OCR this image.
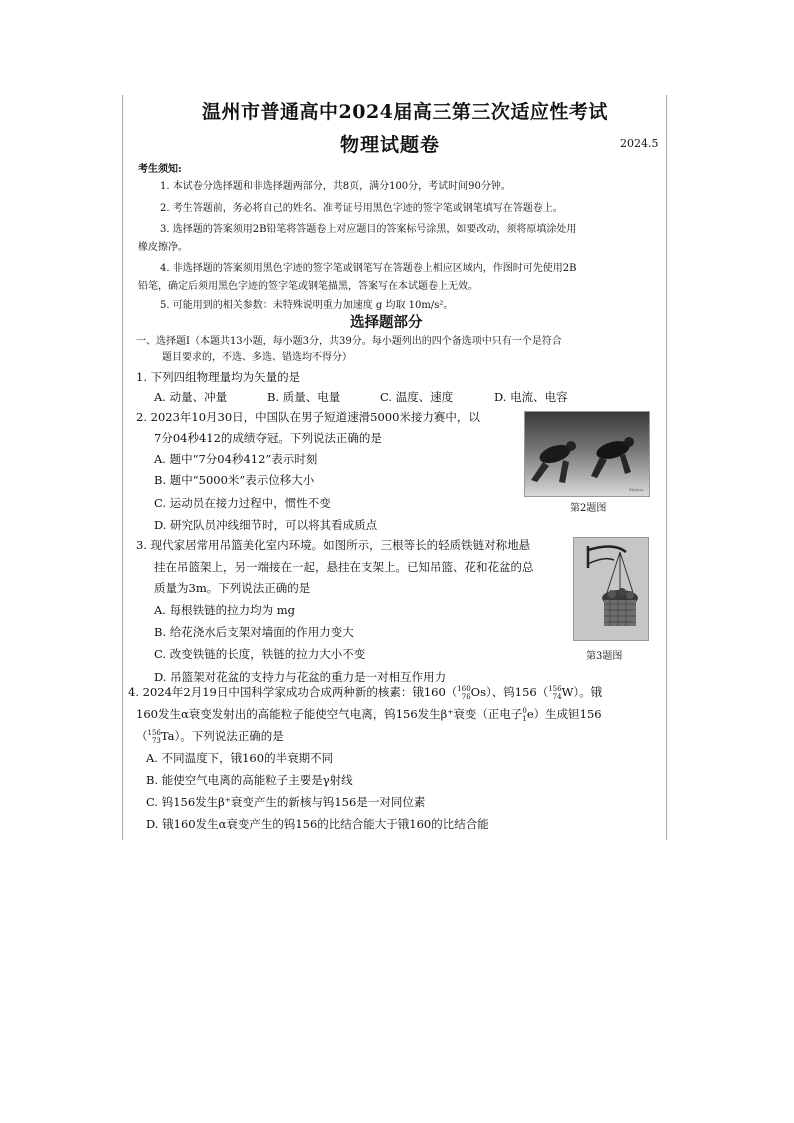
温州市普通高中2024届高三第三次适应性考试
物理试题卷	2024.5
考生须知:
1. 本试卷分选择题和非选择题两部分，共8页，满分100分，考试时间90分钟。
2. 考生答题前，务必将自己的姓名、准考证号用黑色字迹的签字笔或钢笔填写在答题卷上。
3. 选择题的答案须用2B铅笔将答题卷上对应题目的答案标号涂黑，如要改动，须将原填涂处用
橡皮擦净。
4. 非选择题的答案须用黑色字迹的签字笔或钢笔写在答题卷上相应区域内，作图时可先使用2B
铅笔，确定后须用黑色字迹的签字笔或钢笔描黑，答案写在本试题卷上无效。
5. 可能用到的相关参数：未特殊说明重力加速度 g 均取 10m/s²。
选择题部分
一、选择题Ⅰ（本题共13小题，每小题3分，共39分。每小题列出的四个备选项中只有一个是符合
题目要求的，不选、多选、错选均不得分）
1. 下列四组物理量均为矢量的是
A. 动量、冲量	B. 质量、电量	C. 温度、速度	D. 电流、电容
2. 2023年10月30日，中国队在男子短道速滑5000米接力赛中，以
7分04秒412的成绩夺冠。下列说法正确的是
A. 题中“7分04秒412”表示时刻
B. 题中“5000米”表示位移大小
C. 运动员在接力过程中，惯性不变
D. 研究队员冲线细节时，可以将其看成质点
Xinhua
第2题图
3. 现代家居常用吊篮美化室内环境。如图所示，三根等长的轻质铁链对称地悬
挂在吊篮架上，另一端接在一起，悬挂在支架上。已知吊篮、花和花盆的总
质量为3m。下列说法正确的是
A. 每根铁链的拉力均为 mg
B. 给花浇水后支架对墙面的作用力变大
C. 改变铁链的长度，铁链的拉力大小不变
D. 吊篮架对花盆的支持力与花盆的重力是一对相互作用力
第3题图
4. 2024年2月19日中国科学家成功合成两种新的核素：锇160（160
76Os）、钨156（156
74W）。锇
160发生α衰变发射出的高能粒子能使空气电离，钨156发生β⁺衰变（正电子0
1e）生成钽156
（156
73Ta）。下列说法正确的是
A. 不同温度下，锇160的半衰期不同
B. 能使空气电离的高能粒子主要是γ射线
C. 钨156发生β⁺衰变产生的新核与钨156是一对同位素
D. 锇160发生α衰变产生的钨156的比结合能大于锇160的比结合能
